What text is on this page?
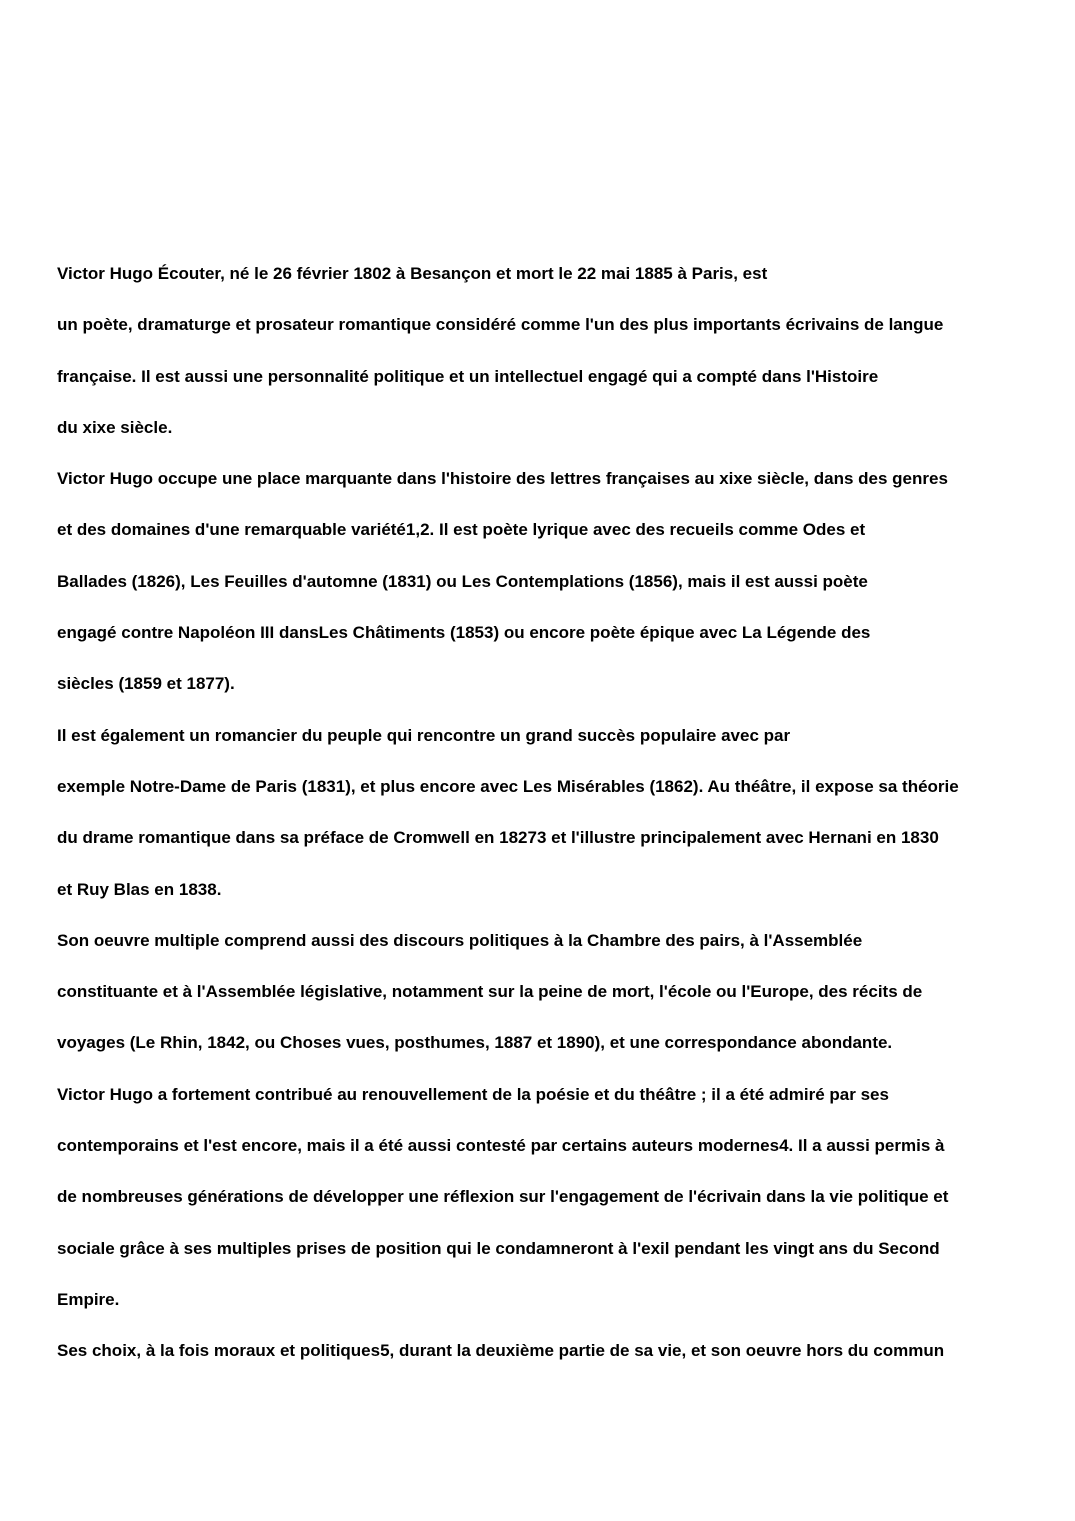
Victor Hugo Écouter, né le 26 février 1802 à Besançon et mort le 22 mai 1885 à Paris, est
un poète, dramaturge et prosateur romantique considéré comme l'un des plus importants écrivains de langue
française. Il est aussi une personnalité politique et un intellectuel engagé qui a compté dans l'Histoire
du xixe siècle.
Victor Hugo occupe une place marquante dans l'histoire des lettres françaises au xixe siècle, dans des genres
et des domaines d'une remarquable variété1,2. Il est poète lyrique avec des recueils comme Odes et
Ballades (1826), Les Feuilles d'automne (1831) ou Les Contemplations (1856), mais il est aussi poète
engagé contre Napoléon III dansLes Châtiments (1853) ou encore poète épique avec La Légende des
siècles (1859 et 1877).
Il est également un romancier du peuple qui rencontre un grand succès populaire avec par
exemple Notre-Dame de Paris (1831), et plus encore avec Les Misérables (1862). Au théâtre, il expose sa théorie
du drame romantique dans sa préface de Cromwell en 18273 et l'illustre principalement avec Hernani en 1830
et Ruy Blas en 1838.
Son oeuvre multiple comprend aussi des discours politiques à la Chambre des pairs, à l'Assemblée
constituante et à l'Assemblée législative, notamment sur la peine de mort, l'école ou l'Europe, des récits de
voyages (Le Rhin, 1842, ou Choses vues, posthumes, 1887 et 1890), et une correspondance abondante.
Victor Hugo a fortement contribué au renouvellement de la poésie et du théâtre ; il a été admiré par ses
contemporains et l'est encore, mais il a été aussi contesté par certains auteurs modernes4. Il a aussi permis à
de nombreuses générations de développer une réflexion sur l'engagement de l'écrivain dans la vie politique et
sociale grâce à ses multiples prises de position qui le condamneront à l'exil pendant les vingt ans du Second
Empire.
Ses choix, à la fois moraux et politiques5, durant la deuxième partie de sa vie, et son oeuvre hors du commun
